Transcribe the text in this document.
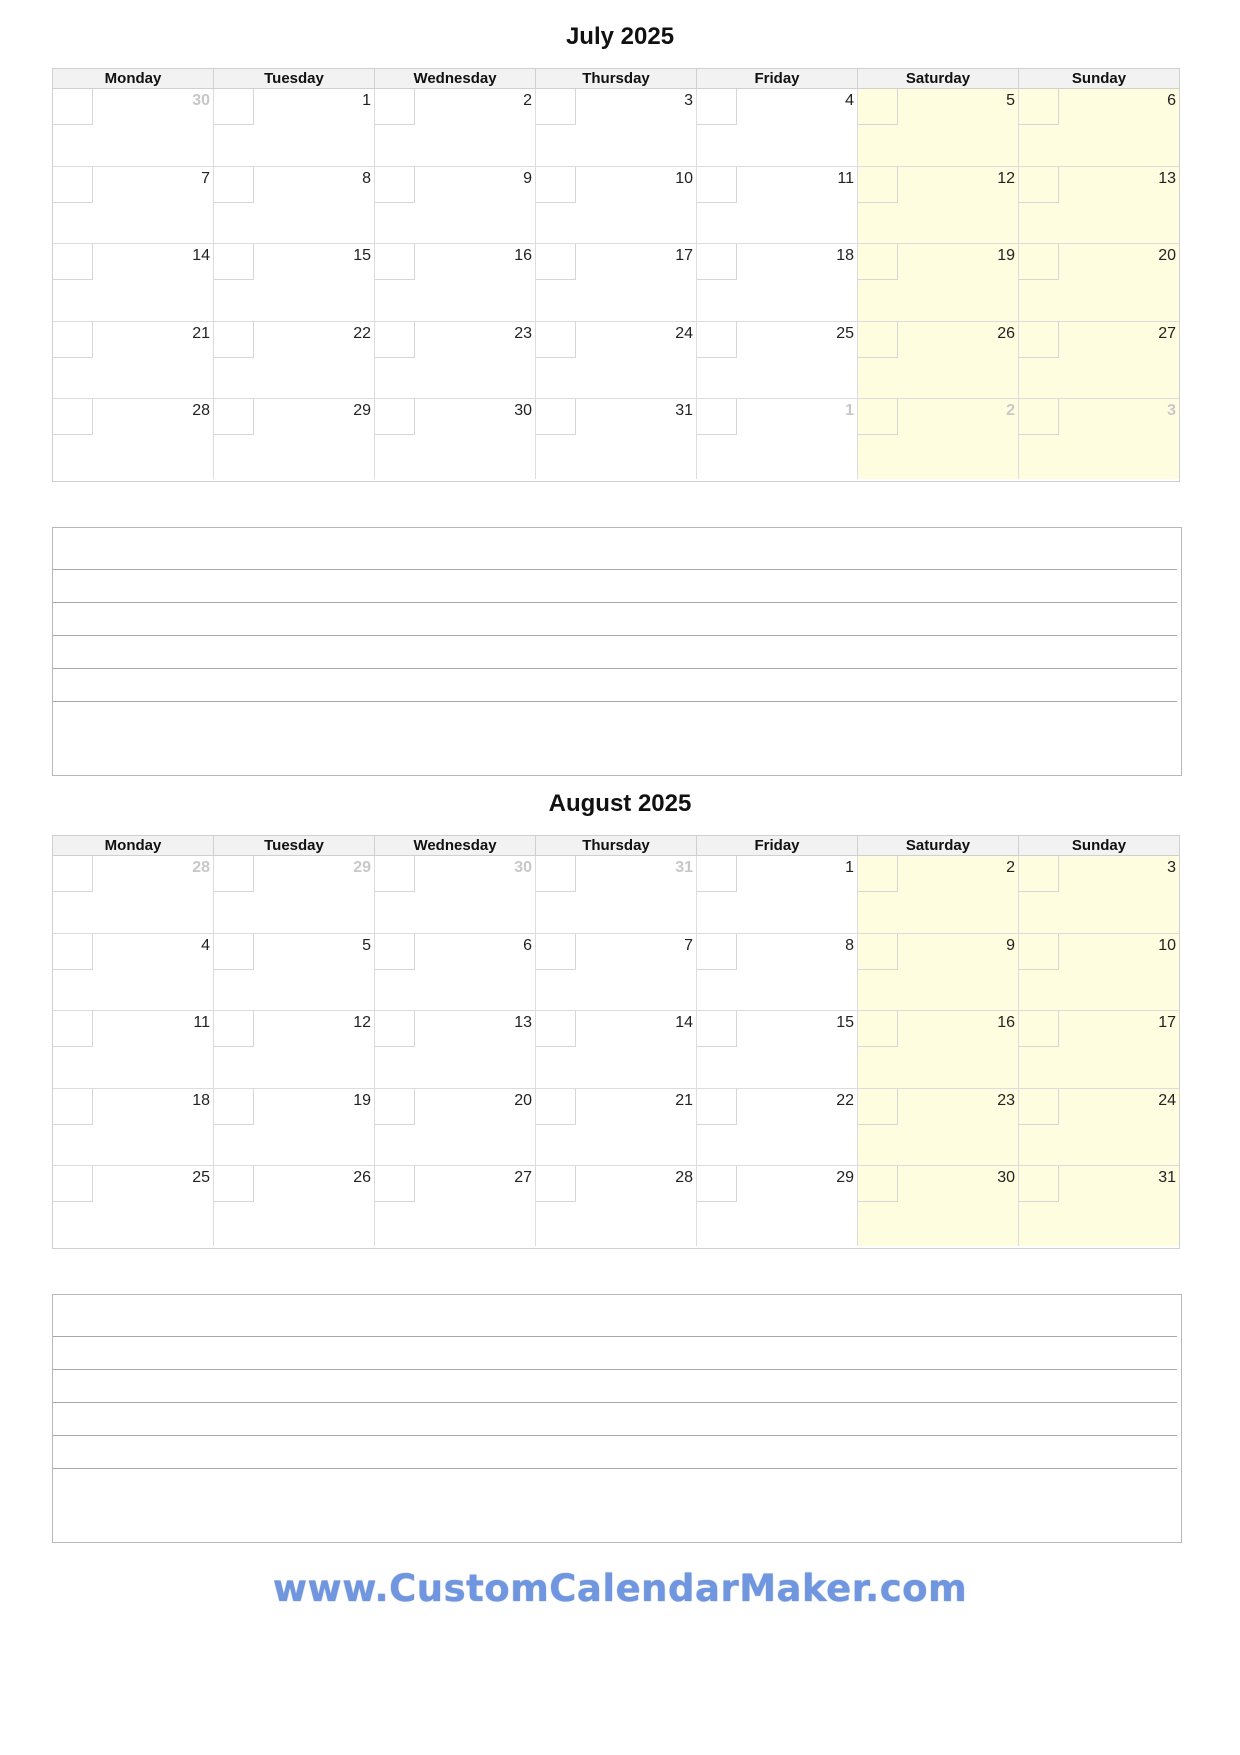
July 2025
Monday	Tuesday	Wednesday	Thursday	Friday	Saturday	Sunday
30	1	2	3	4	5	6
7	8	9	10	11	12	13
14	15	16	17	18	19	20
21	22	23	24	25	26	27
28	29	30	31	1	2	3
August 2025
Monday	Tuesday	Wednesday	Thursday	Friday	Saturday	Sunday
28	29	30	31	1	2	3
4	5	6	7	8	9	10
11	12	13	14	15	16	17
18	19	20	21	22	23	24
25	26	27	28	29	30	31
www.CustomCalendarMaker.com
